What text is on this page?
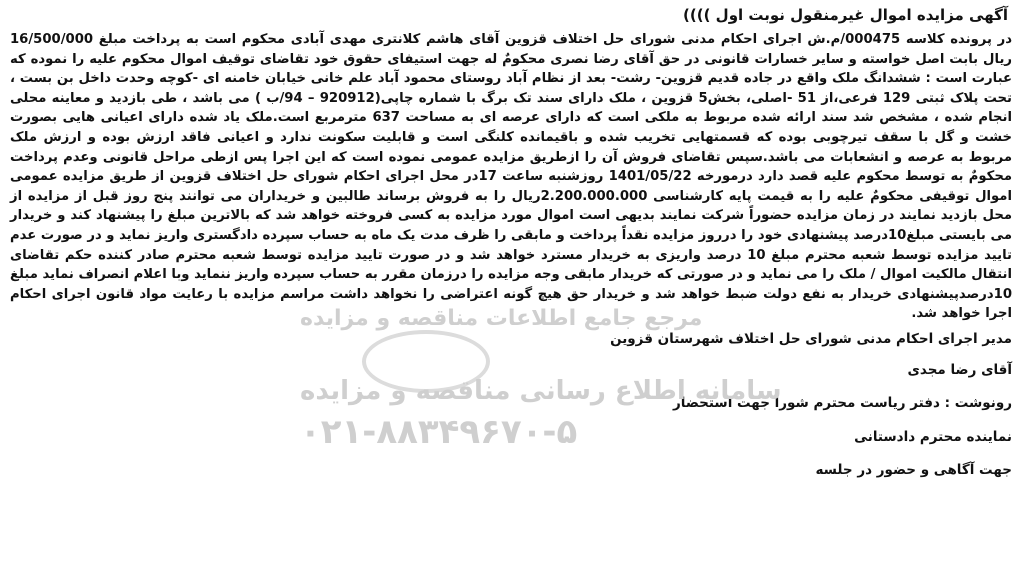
آگهی مزایده اموال غیرمنقول نوبت اول ))))

در پرونده کلاسه 000475/م.ش اجرای احکام مدنی شورای حل اختلاف قزوین آقای هاشم کلانتری مهدی آبادی محکوم است به پرداخت مبلغ 16/500/000 ریال بابت اصل خواسته و سایر خسارات قانونی در حق آقای رضا نصری محکومٌ له جهت استیفای حقوق خود تقاضای توقیف اموال محکوم علیه را نموده که عبارت است : ششدانگ ملک واقع در جاده قدیم قزوین- رشت- بعد از نظام آباد روستای محمود آباد علم خانی خیابان خامنه ای -کوچه وحدت داخل بن بست ، تحت پلاک ثبتی 129 فرعی،از 51 -اصلی، بخش5 قزوین ، ملک دارای سند تک برگ با شماره چاپی(920912 – 94/ب ) می باشد ، طی بازدید و معاینه محلی انجام شده ، مشخص شد سند ارائه شده مربوط به ملکی است که دارای عرصه ای به مساحت 637 مترمربع است.ملک یاد شده دارای اعیانی هایی بصورت خشت و گل با سقف تیرچوبی بوده که قسمتهایی تخریب شده و باقیمانده کلنگی است و قابلیت سکونت ندارد و اعیانی فاقد ارزش بوده و ارزش ملک مربوط به عرصه و انشعابات می باشد.سپس تقاضای فروش آن را ازطریق مزایده عمومی نموده است که این اجرا پس ازطی مراحل قانونی وعدم پرداخت محکومٌ به توسط محکوم علیه قصد دارد درمورخه 1401/05/22 روزشنبه ساعت 17در محل اجرای احکام شورای حل اختلاف قزوین از طریق مزایده عمومی اموال توقیفی محکومٌ علیه را به قیمت پایه کارشناسی 2.200.000.000ریال را به فروش برساند طالبین و خریداران می توانند پنج روز قبل از مزایده از محل بازدید نمایند در زمان مزایده حضوراً شرکت نمایند بدیهی است اموال مورد مزایده به کسی فروخته خواهد شد که بالاترین مبلغ را پیشنهاد کند و خریدار می بایستی مبلغ10درصد پیشنهادی خود را درروز مزایده نقداً پرداخت و مابقی را ظرف مدت یک ماه به حساب سپرده دادگستری واریز نماید و در صورت عدم تایید مزایده توسط شعبه محترم مبلغ 10 درصد واریزی به خریدار مسترد خواهد شد و در صورت تایید مزایده توسط شعبه محترم صادر کننده حکم تقاضای انتقال مالکیت اموال / ملک را می نماید و در صورتی که خریدار مابقی وجه مزایده را درزمان مقرر به حساب سپرده واریز ننماید وبا اعلام انصراف نماید مبلغ 10درصدپیشنهادی خریدار به نفع دولت ضبط خواهد شد و خریدار حق هیچ گونه اعتراضی را نخواهد داشت مراسم مزایده با رعایت مواد قانون اجرای احکام اجرا خواهد شد.

مدیر اجرای احکام مدنی شورای حل اختلاف شهرستان قزوین
آقای رضا مجدی
رونوشت : دفتر ریاست محترم شورا جهت استحضار
نماینده محترم دادستانی
جهت آگاهی و حضور در جلسه
مرجع جامع اطلاعات مناقصه و مزایده
سامانه اطلاع رسانی مناقصه و مزایده
۰۲۱-۸۸۳۴۹۶۷۰-۵
